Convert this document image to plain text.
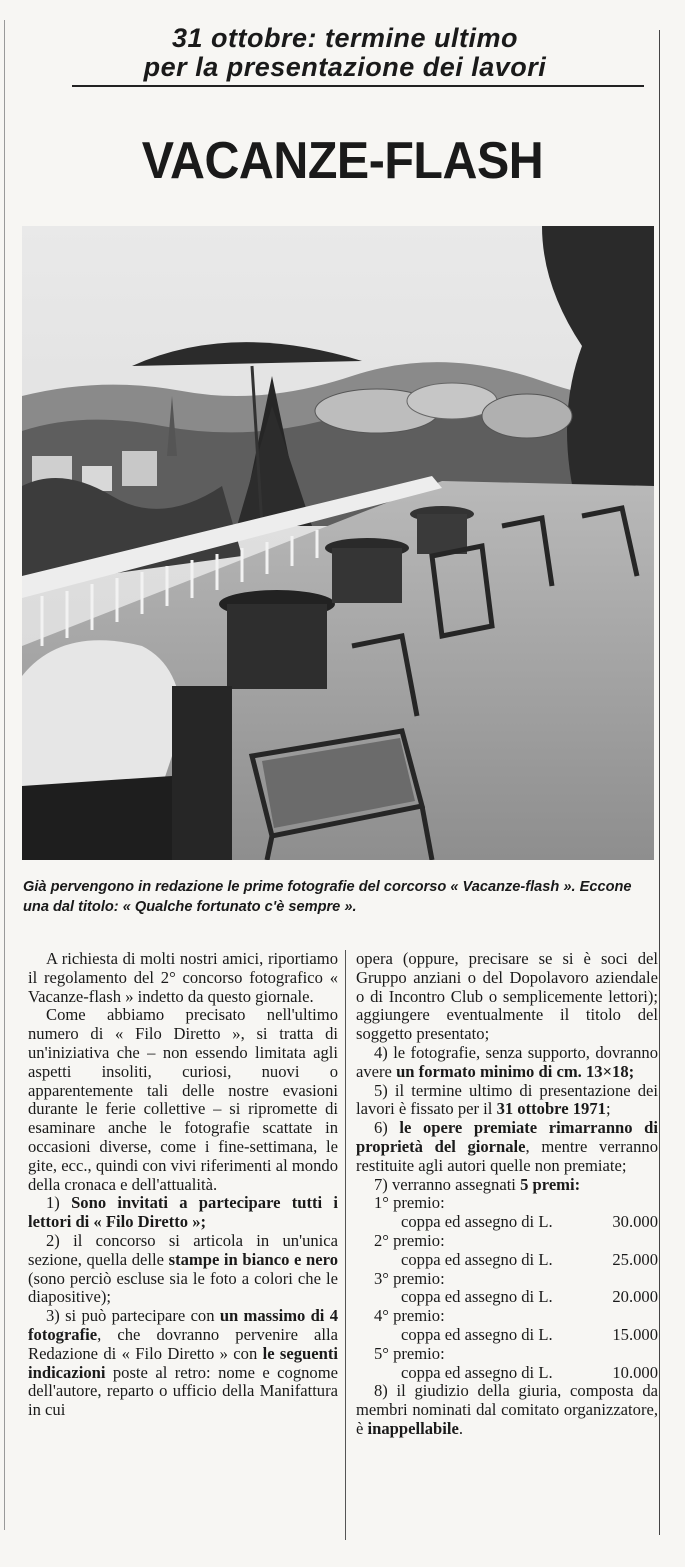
31 ottobre: termine ultimo
per la presentazione dei lavori
VACANZE-FLASH
Già pervengono in redazione le prime fotografie del corcorso « Vacanze-flash ». Eccone una dal titolo: « Qualche fortunato c'è sempre ».

A richiesta di molti nostri amici, riportiamo il regolamento del 2° concorso fotografico « Vacanze-flash » indetto da questo giornale.

Come abbiamo precisato nell'ultimo numero di « Filo Diretto », si tratta di un'iniziativa che – non essendo limitata agli aspetti insoliti, curiosi, nuovi o apparentemente tali delle nostre evasioni durante le ferie collettive – si ripromette di esaminare anche le fotografie scattate in occasioni diverse, come i fine-settimana, le gite, ecc., quindi con vivi riferimenti al mondo della cronaca e dell'attualità.

1) Sono invitati a partecipare tutti i lettori di « Filo Diretto »;

2) il concorso si articola in un'unica sezione, quella delle stampe in bianco e nero (sono perciò escluse sia le foto a colori che le diapositive);

3) si può partecipare con un massimo di 4 fotografie, che dovranno pervenire alla Redazione di « Filo Diretto » con le seguenti indicazioni poste al retro: nome e cognome dell'autore, reparto o ufficio della Manifattura in cui

opera (oppure, precisare se si è soci del Gruppo anziani o del Dopolavoro aziendale o di Incontro Club o semplicemente lettori); aggiungere eventualmente il titolo del soggetto presentato;

4) le fotografie, senza supporto, dovranno avere un formato minimo di cm. 13×18;

5) il termine ultimo di presentazione dei lavori è fissato per il 31 ottobre 1971;

6) le opere premiate rimarranno di proprietà del giornale, mentre verranno restituite agli autori quelle non premiate;

7) verranno assegnati 5 premi:

1° premio:

coppa ed assegno di L.	30.000

2° premio:

coppa ed assegno di L.	25.000

3° premio:

coppa ed assegno di L.	20.000

4° premio:

coppa ed assegno di L.	15.000

5° premio:

coppa ed assegno di L.	10.000

8) il giudizio della giuria, composta da membri nominati dal comitato organizzatore, è inappellabile.
